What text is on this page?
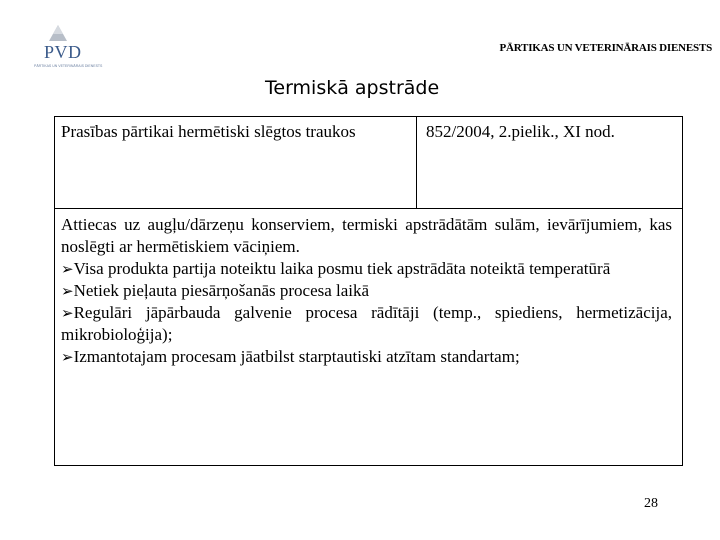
PVD
PĀRTIKAS UN VETERINĀRAIS DIENESTS
PĀRTIKAS UN VETERINĀRAIS DIENESTS
Termiskā apstrāde
Prasības pārtikai hermētiski slēgtos traukos	852/2004, 2.pielik., XI nod.

Attiecas uz augļu/dārzeņu konserviem, termiski apstrādātām sulām, ievārījumiem, kas noslēgti ar hermētiskiem vāciņiem.

➢Visa produkta partija noteiktu laika posmu tiek apstrādāta noteiktā temperatūrā

➢Netiek pieļauta piesārņošanās procesa laikā

➢Regulāri jāpārbauda galvenie procesa rādītāji (temp., spiediens, hermetizācija, mikrobioloģija);

➢Izmantotajam procesam jāatbilst starptautiski atzītam standartam;

28
